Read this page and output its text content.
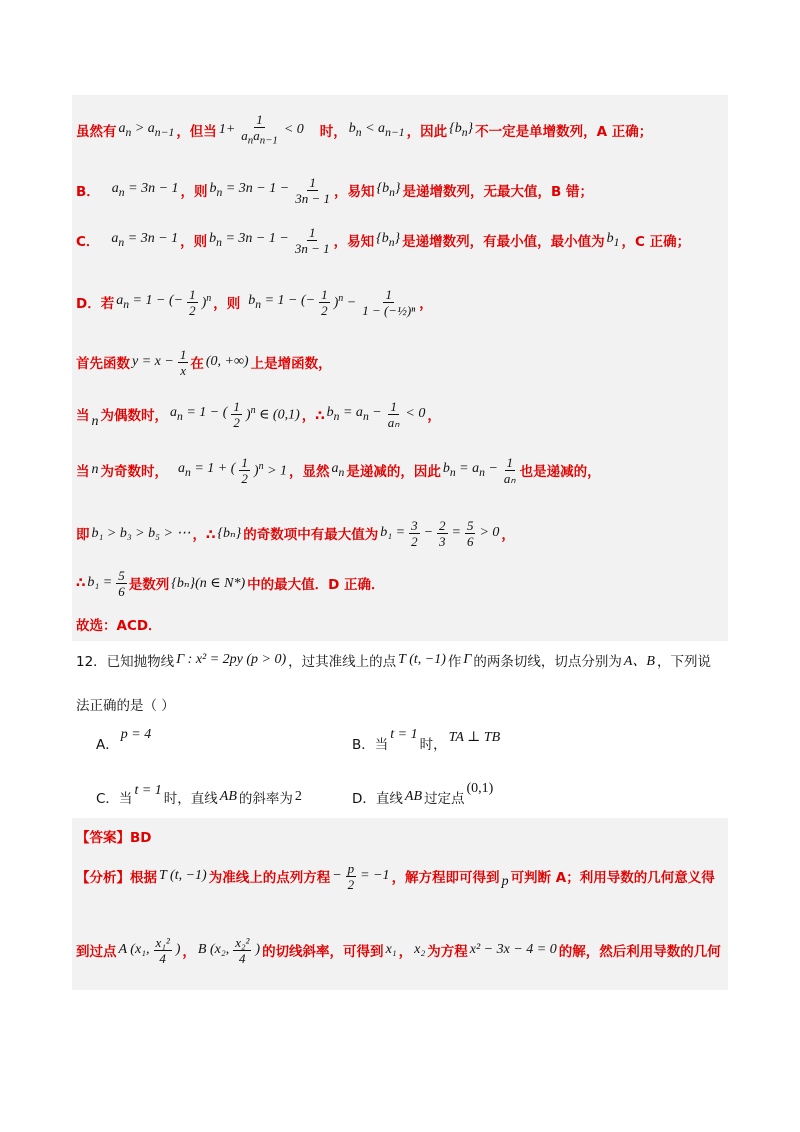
虽然有 $a_n > a_{n-1}$ ，但当 $1+ \frac{1}{a_na_{n-1}} < 0$ 时， $b_n < a_{n-1}$ ，因此 $\{b_n\}$ 不一定是单增数列，A 正确；
B． $a_n = 3n - 1$ ，则 $b_n = 3n - 1 - \frac{1}{3n - 1}$ ，易知 $\{b_n\}$ 是递增数列，无最大值，B 错；
C． $a_n = 3n - 1$ ，则 $b_n = 3n - 1 - \frac{1}{3n - 1}$ ，易知 $\{b_n\}$ 是递增数列，有最小值，最小值为 $b_1$ ，C 正确；
D．若 $a_n = 1$ − (− $\frac{1}{2} )^n$ ，则 $b_n = 1$ − (− $\frac{1}{2} )^n - \frac{1}{\text{1 − (−½)ⁿ}}$ ，
首先函数 $y = x - \frac{1}{x}$ 在 (0, +∞) 上是增函数，
当 n 为偶数时， $a_n = 1$ − ( $\frac{1}{2} )^n$ ∈ (0,1) ，∴ $b_n = a_n - \frac{1}{\text{aₙ}} < 0$ ，
当 n 为奇数时， $a_n = 1$ + ( $\frac{1}{2} )^n > 1$ ，显然 $a_n$ 是递减的，因此 $b_n = a_n - \frac{1}{\text{aₙ}}$ 也是递减的，
即 b₁ > b₃ > b₅ > ⋯ ，∴ {bₙ} 的奇数项中有最大值为 $b_1 = \frac{3}{2} - \frac{2}{3} = \frac{5}{6} > 0$ ，
∴ $b_1 = \frac{5}{6}$ 是数列 {bₙ}(n ∈ N*) 中的最大值．D 正确．
故选：ACD．
12．已知抛物线 Γ : x² = 2py (p > 0) ，过其准线上的点 T (t, −1) 作 Γ 的两条切线，切点分别为 A、B ，下列说
法正确的是（ ）
A．
p = 4
B．当
t = 1
时， TA ⊥ TB
C．当
t = 1
时，直线 AB 的斜率为 2	D．直线 AB 过定点
(0,1)
【答案】BD
【分析】根据 T (t, −1) 为准线上的点列方程 − $\frac{p}{2} = -1$ ，解方程即可得到 p 可判断 A；利用导数的几何意义得
到过点 A (x₁, $\frac{\text{x₁²}}{4}$ ) ， B (x₂, $\frac{\text{x₂²}}{4}$ ) 的切线斜率，可得到 x₁ ， x₂ 为方程 x² − 3x − 4 = 0 的解，然后利用导数的几何
